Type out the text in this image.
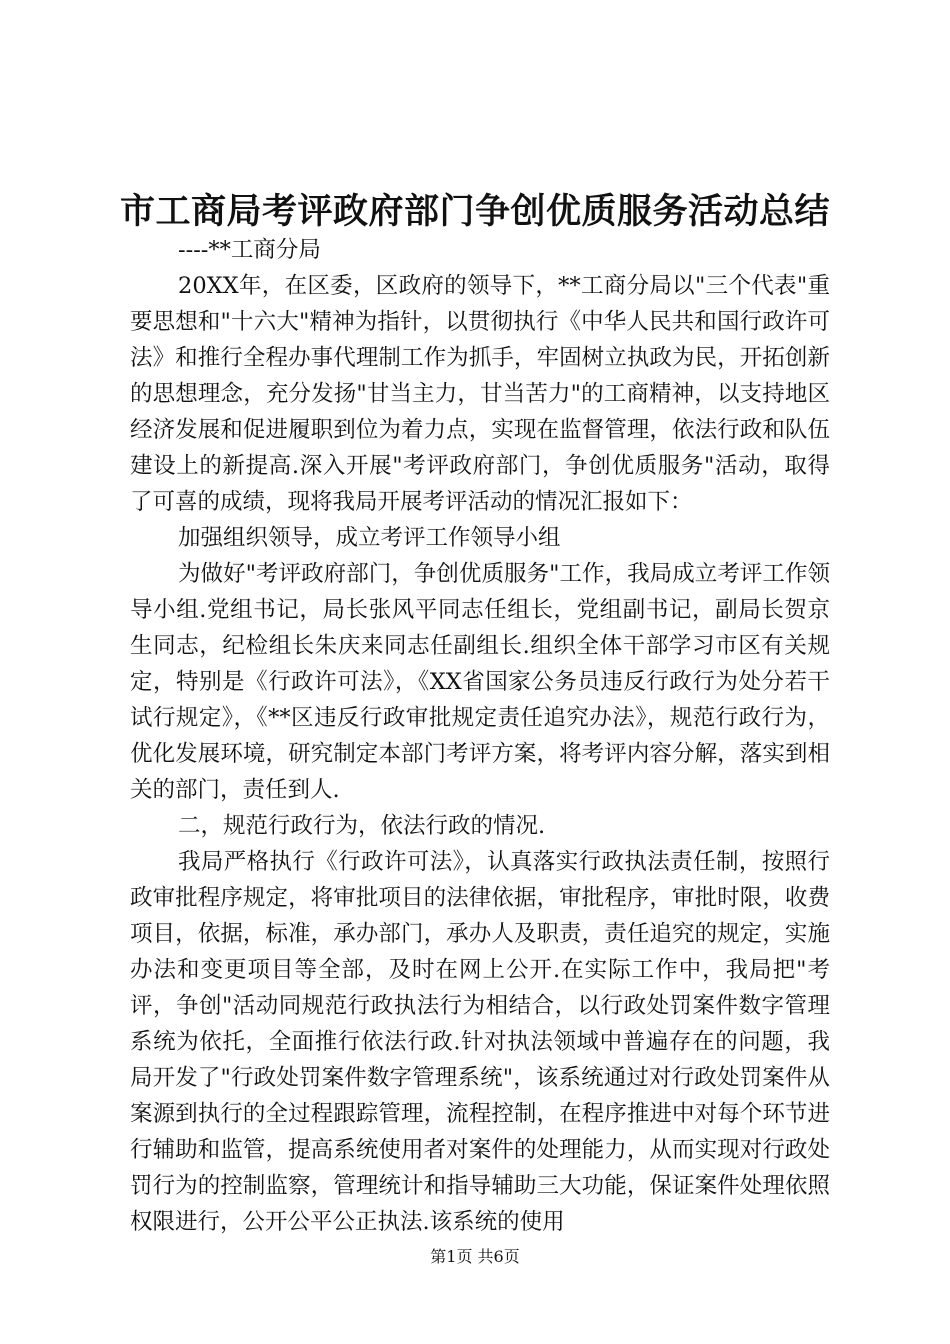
市工商局考评政府部门争创优质服务活动总结

----**工商分局

20XX年，在区委，区政府的领导下，**工商分局以"三个代表"重要思想和"十六大"精神为指针，以贯彻执行《中华人民共和国行政许可法》和推行全程办事代理制工作为抓手，牢固树立执政为民，开拓创新的思想理念，充分发扬"甘当主力，甘当苦力"的工商精神，以支持地区经济发展和促进履职到位为着力点，实现在监督管理，依法行政和队伍建设上的新提高.深入开展"考评政府部门，争创优质服务"活动，取得了可喜的成绩，现将我局开展考评活动的情况汇报如下：

加强组织领导，成立考评工作领导小组

为做好"考评政府部门，争创优质服务"工作，我局成立考评工作领导小组.党组书记，局长张风平同志任组长，党组副书记，副局长贺京生同志，纪检组长朱庆来同志任副组长.组织全体干部学习市区有关规定，特别是《行政许可法》，《XX省国家公务员违反行政行为处分若干试行规定》，《**区违反行政审批规定责任追究办法》，规范行政行为，优化发展环境，研究制定本部门考评方案，将考评内容分解，落实到相关的部门，责任到人.

二，规范行政行为，依法行政的情况.

我局严格执行《行政许可法》，认真落实行政执法责任制，按照行政审批程序规定，将审批项目的法律依据，审批程序，审批时限，收费项目，依据，标准，承办部门，承办人及职责，责任追究的规定，实施办法和变更项目等全部，及时在网上公开.在实际工作中，我局把"考评，争创"活动同规范行政执法行为相结合，以行政处罚案件数字管理系统为依托，全面推行依法行政.针对执法领域中普遍存在的问题，我局开发了"行政处罚案件数字管理系统"，该系统通过对行政处罚案件从案源到执行的全过程跟踪管理，流程控制，在程序推进中对每个环节进行辅助和监管，提高系统使用者对案件的处理能力，从而实现对行政处罚行为的控制监察，管理统计和指导辅助三大功能，保证案件处理依照权限进行，公开公平公正执法.该系统的使用

第1页 共6页
